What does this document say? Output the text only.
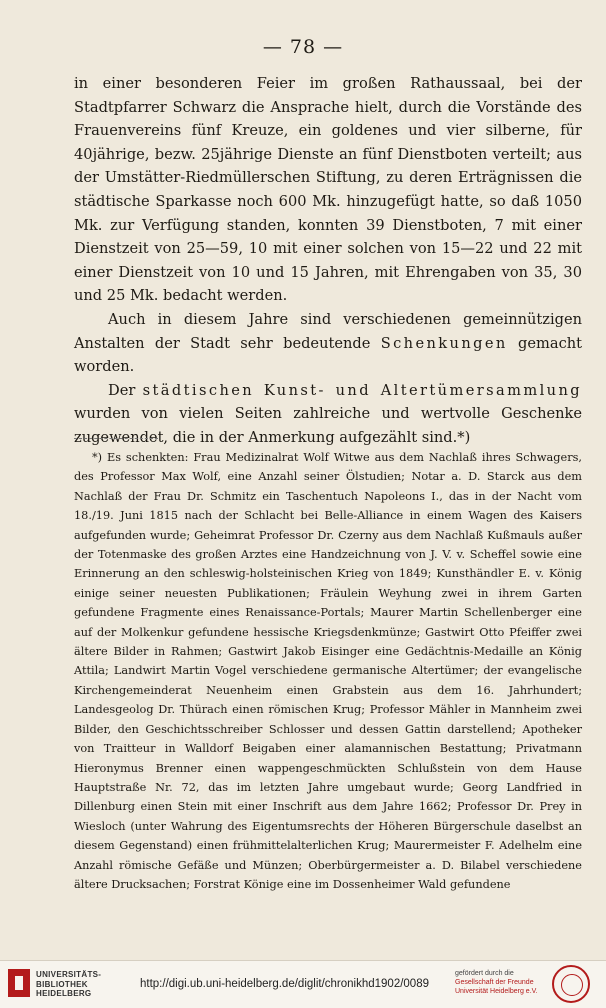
— 78 —

in einer besonderen Feier im großen Rathaussaal, bei der Stadtpfarrer Schwarz die Ansprache hielt, durch die Vorstände des Frauenvereins fünf Kreuze, ein goldenes und vier silberne, für 40jährige, bezw. 25jährige Dienste an fünf Dienstboten verteilt; aus der Umstätter-Riedmüllerschen Stiftung, zu deren Erträgnissen die städtische Sparkasse noch 600 Mk. hinzugefügt hatte, so daß 1050 Mk. zur Verfügung standen, konnten 39 Dienstboten, 7 mit einer Dienstzeit von 25—59, 10 mit einer solchen von 15—22 und 22 mit einer Dienstzeit von 10 und 15 Jahren, mit Ehrengaben von 35, 30 und 25 Mk. bedacht werden.

Auch in diesem Jahre sind verschiedenen gemeinnützigen Anstalten der Stadt sehr bedeutende Schenkungen gemacht worden.

Der städtischen Kunst- und Altertümersammlung wurden von vielen Seiten zahlreiche und wertvolle Geschenke zugewendet, die in der Anmerkung aufgezählt sind.*)

*) Es schenkten: Frau Medizinalrat Wolf Witwe aus dem Nachlaß ihres Schwagers, des Professor Max Wolf, eine Anzahl seiner Ölstudien; Notar a. D. Starck aus dem Nachlaß der Frau Dr. Schmitz ein Taschentuch Napoleons I., das in der Nacht vom 18./19. Juni 1815 nach der Schlacht bei Belle-Alliance in einem Wagen des Kaisers aufgefunden wurde; Geheimrat Professor Dr. Czerny aus dem Nachlaß Kußmauls außer der Totenmaske des großen Arztes eine Handzeichnung von J. V. v. Scheffel sowie eine Erinnerung an den schleswig-holsteinischen Krieg von 1849; Kunsthändler E. v. König einige seiner neuesten Publikationen; Fräulein Weyhung zwei in ihrem Garten gefundene Fragmente eines Renaissance-Portals; Maurer Martin Schellenberger eine auf der Molkenkur gefundene hessische Kriegsdenkmünze; Gastwirt Otto Pfeiffer zwei ältere Bilder in Rahmen; Gastwirt Jakob Eisinger eine Gedächtnis-Medaille an König Attila; Landwirt Martin Vogel verschiedene germanische Altertümer; der evangelische Kirchengemeinderat Neuenheim einen Grabstein aus dem 16. Jahrhundert; Landesgeolog Dr. Thürach einen römischen Krug; Professor Mähler in Mannheim zwei Bilder, den Geschichtsschreiber Schlosser und dessen Gattin darstellend; Apotheker von Traitteur in Walldorf Beigaben einer alamannischen Bestattung; Privatmann Hieronymus Brenner einen wappengeschmückten Schlußstein von dem Hause Hauptstraße Nr. 72, das im letzten Jahre umgebaut wurde; Georg Landfried in Dillenburg einen Stein mit einer Inschrift aus dem Jahre 1662; Professor Dr. Prey in Wiesloch (unter Wahrung des Eigentumsrechts der Höheren Bürgerschule daselbst an diesem Gegenstand) einen frühmittelalterlichen Krug; Maurermeister F. Adelhelm eine Anzahl römische Gefäße und Münzen; Oberbürgermeister a. D. Bilabel verschiedene ältere Drucksachen; Forstrat Könige eine im Dossenheimer Wald gefundene
UNIVERSITÄTS-
BIBLIOTHEK
HEIDELBERG
http://digi.ub.uni-heidelberg.de/diglit/chronikhd1902/0089
gefördert durch die
Gesellschaft der Freunde
Universität Heidelberg e.V.
